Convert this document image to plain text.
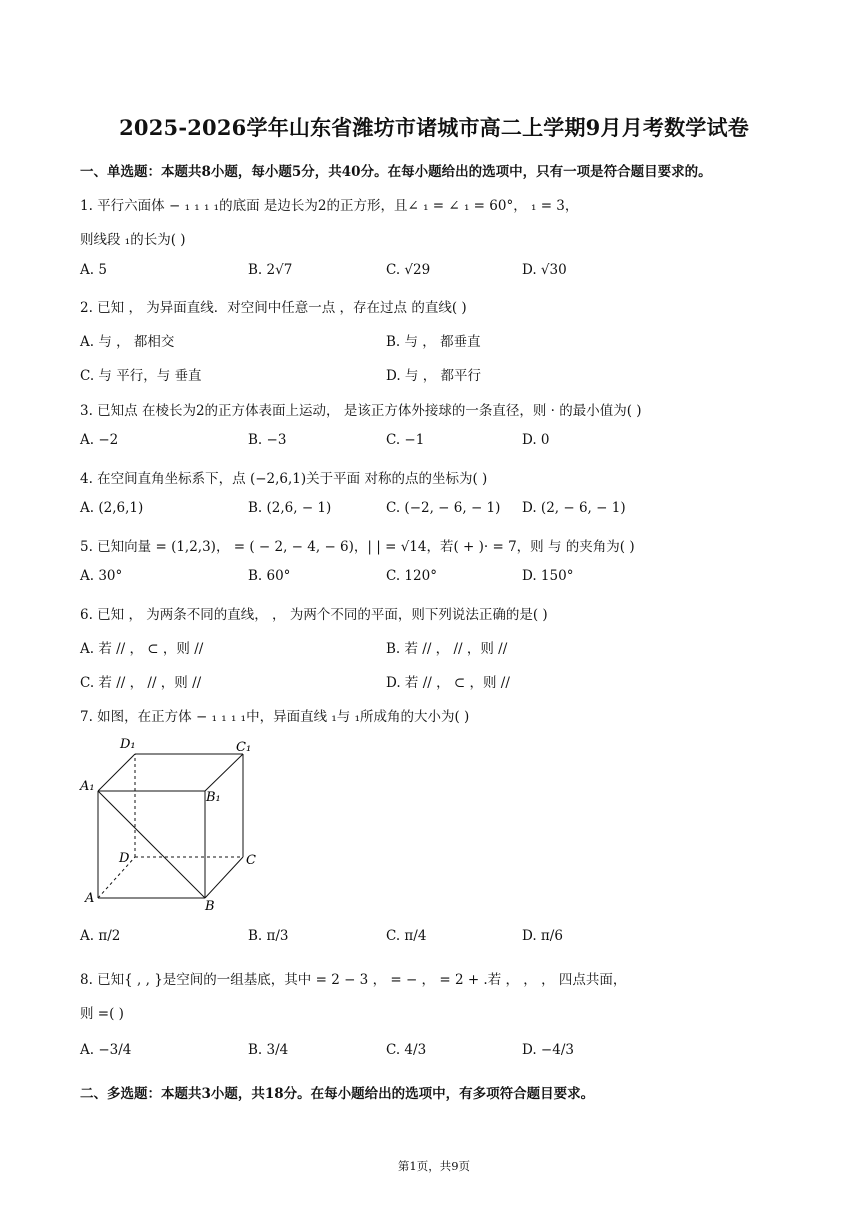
2025-2026学年山东省潍坊市诸城市高二上学期9月月考数学试卷
一、单选题：本题共8小题，每小题5分，共40分。在每小题给出的选项中，只有一项是符合题目要求的。
1. 平行六面体 − ₁ ₁ ₁ ₁的底面 是边长为2的正方形，且∠ ₁ = ∠ ₁ = 60°， ₁ = 3，
则线段 ₁的长为( )
A. 5	B. 2√7	C. √29	D. √30
2. 已知 ， 为异面直线．对空间中任意一点 ，存在过点 的直线( )
A. 与 ， 都相交	B. 与 ， 都垂直
C. 与 平行，与 垂直	D. 与 ， 都平行
3. 已知点 在棱长为2的正方体表面上运动， 是该正方体外接球的一条直径，则 · 的最小值为( )
A. −2	B. −3	C. −1	D. 0
4. 在空间直角坐标系下，点 (−2,6,1)关于平面 对称的点的坐标为( )
A. (2,6,1)	B. (2,6, − 1)	C. (−2, − 6, − 1) D. (2, − 6, − 1)
5. 已知向量 = (1,2,3)， = ( − 2, − 4, − 6)，| | = √14，若( + )· = 7，则 与 的夹角为( )
A. 30°	B. 60°	C. 120°	D. 150°
6. 已知 ， 为两条不同的直线， ， 为两个不同的平面，则下列说法正确的是( )
A. 若 // ， ⊂ ，则 //	B. 若 // ， // ，则 //
C. 若 // ， // ，则 //	D. 若 // ， ⊂ ，则 //
7. 如图，在正方体 − ₁ ₁ ₁ ₁中，异面直线 ₁与 ₁所成角的大小为( )
D₁	C₁
A₁
B₁
D	C
A
B
A. π/2	B. π/3	C. π/4	D. π/6
8. 已知{ , , }是空间的一组基底，其中 = 2 − 3 ， = − ， = 2 + .若 ， ， ， 四点共面，
则 =( )
A. −3/4	B. 3/4	C. 4/3	D. −4/3
二、多选题：本题共3小题，共18分。在每小题给出的选项中，有多项符合题目要求。
第1页，共9页
